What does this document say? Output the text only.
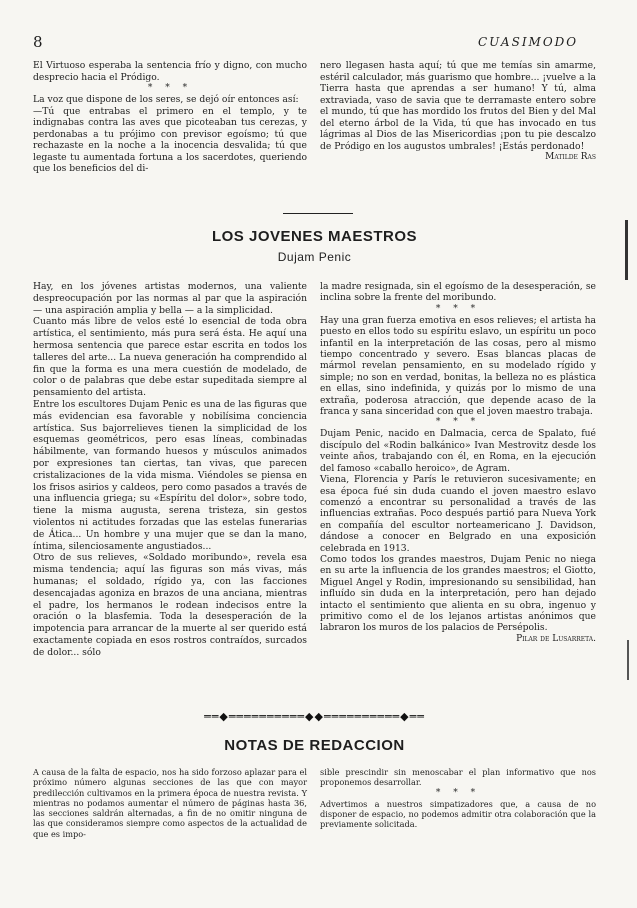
8	CUASIMODO

El Virtuoso esperaba la sentencia frío y digno, con mucho desprecio hacia el Pródigo.

* * *

La voz que dispone de los seres, se dejó oír entonces así:

—Tú que entrabas el primero en el templo, y te indignabas contra las aves que picoteaban tus cerezas, y perdonabas a tu prójimo con previsor egoísmo; tú que rechazaste en la noche a la inocencia desvalida; tú que legaste tu aumentada fortuna a los sacerdotes, queriendo que los beneficios del di-

nero llegasen hasta aquí; tú que me temías sin amarme, estéril calculador, más guarismo que hombre... ¡vuelve a la Tierra hasta que aprendas a ser humano! Y tú, alma extraviada, vaso de savia que te derramaste entero sobre el mundo, tú que has mordido los frutos del Bien y del Mal del eterno árbol de la Vida, tú que has invocado en tus lágrimas al Dios de las Misericordias ¡pon tu pie descalzo de Pródigo en los augustos umbrales! ¡Estás perdonado!

Matilde Ras

LOS JOVENES MAESTROS
Dujam Penic

Hay, en los jóvenes artistas modernos, una valiente despreocupación por las normas al par que la aspiración — una aspiración amplia y bella — a la simplicidad.

Cuanto más libre de velos esté lo esencial de toda obra artística, el sentimiento, más pura será ésta. He aquí una hermosa sentencia que parece estar escrita en todos los talleres del arte... La nueva generación ha comprendido al fin que la forma es una mera cuestión de modelado, de color o de palabras que debe estar supeditada siempre al pensamiento del artista.

Entre los escultores Dujam Penic es una de las figuras que más evidencian esa favorable y nobilísima conciencia artística. Sus bajorrelieves tienen la simplicidad de los esquemas geométricos, pero esas líneas, combinadas hábilmente, van formando huesos y músculos animados por expresiones tan ciertas, tan vivas, que parecen cristalizaciones de la vida misma. Viéndoles se piensa en los frisos asirios y caldeos, pero como pasados a través de una influencia griega; su «Espíritu del dolor», sobre todo, tiene la misma augusta, serena tristeza, sin gestos violentos ni actitudes forzadas que las estelas funerarias de Ática... Un hombre y una mujer que se dan la mano, íntima, silenciosamente angustiados...

Otro de sus relieves, «Soldado moribundo», revela esa misma tendencia; aquí las figuras son más vivas, más humanas; el soldado, rígido ya, con las facciones desencajadas agoniza en brazos de una anciana, mientras el padre, los hermanos le rodean indecisos entre la oración o la blasfemia. Toda la desesperación de la impotencia para arrancar de la muerte al ser querido está exactamente copiada en esos rostros contraídos, surcados de dolor... sólo

la madre resignada, sin el egoísmo de la desesperación, se inclina sobre la frente del moribundo.

* * *

Hay una gran fuerza emotiva en esos relieves; el artista ha puesto en ellos todo su espíritu eslavo, un espíritu un poco infantil en la interpretación de las cosas, pero al mismo tiempo concentrado y severo. Esas blancas placas de mármol revelan pensamiento, en su modelado rígido y simple; no son en verdad, bonitas, la belleza no es plástica en ellas, sino indefinida, y quizás por lo mismo de una extraña, poderosa atracción, que depende acaso de la franca y sana sinceridad con que el joven maestro trabaja.

* * *

Dujam Penic, nacido en Dalmacia, cerca de Spalato, fué discípulo del «Rodin balkánico» Ivan Mestrovitz desde los veinte años, trabajando con él, en Roma, en la ejecución del famoso «caballo heroico», de Agram.

Viena, Florencia y París le retuvieron sucesivamente; en esa época fué sin duda cuando el joven maestro eslavo comenzó a encontrar su personalidad a través de las influencias extrañas. Poco después partió para Nueva York en compañía del escultor norteamericano J. Davidson, dándose a conocer en Belgrado en una exposición celebrada en 1913.

Como todos los grandes maestros, Dujam Penic no niega en su arte la influencia de los grandes maestros; el Giotto, Miguel Angel y Rodin, impresionando su sensibilidad, han influído sin duda en la interpretación, pero han dejado intacto el sentimiento que alienta en su obra, ingenuo y primitivo como el de los lejanos artistas anónimos que labraron los muros de los palacios de Persépolis.

Pilar de Lusarreta.

══◆══════════◆◆══════════◆══
NOTAS DE REDACCION

A causa de la falta de espacio, nos ha sido forzoso aplazar para el próximo número algunas secciones de las que con mayor predilección cultivamos en la primera época de nuestra revista. Y mientras no podamos aumentar el número de páginas hasta 36, las secciones saldrán alternadas, a fin de no omitir ninguna de las que consideramos siempre como aspectos de la actualidad de que es impo-

sible prescindir sin menoscabar el plan informativo que nos proponemos desarrollar.

* * *

Advertimos a nuestros simpatizadores que, a causa de no disponer de espacio, no podemos admitir otra colaboración que la previamente solicitada.
